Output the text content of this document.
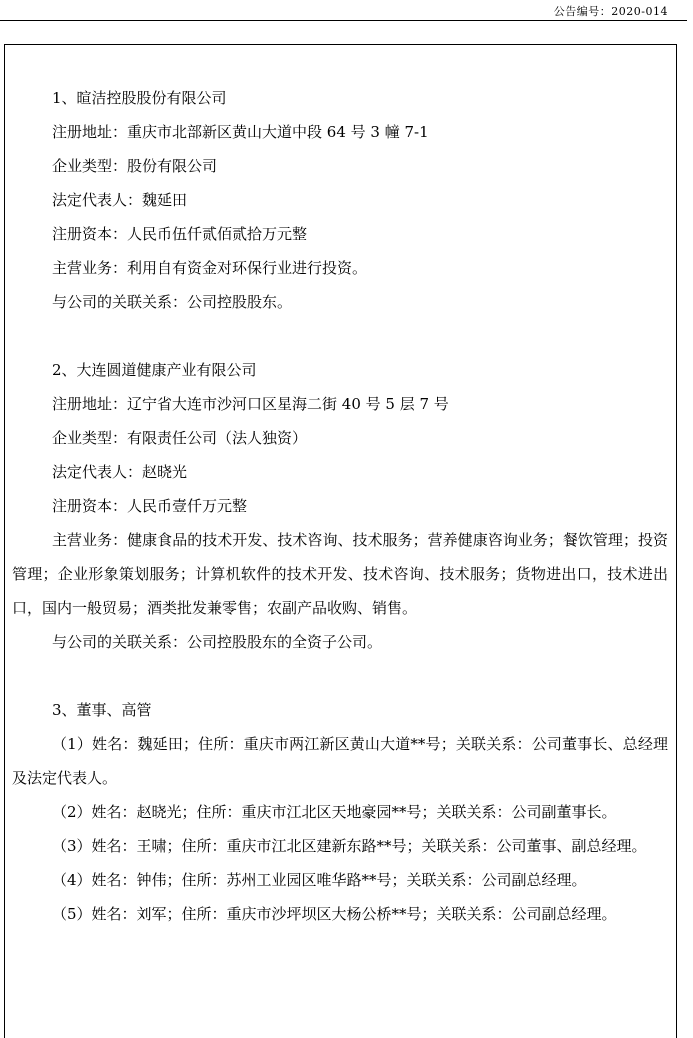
公告编号：2020-014

1、暄洁控股股份有限公司

注册地址：重庆市北部新区黄山大道中段 64 号 3 幢 7-1

企业类型：股份有限公司

法定代表人：魏延田

注册资本：人民币伍仟贰佰贰拾万元整

主营业务：利用自有资金对环保行业进行投资。

与公司的关联关系：公司控股股东。

2、大连圆道健康产业有限公司

注册地址：辽宁省大连市沙河口区星海二街 40 号 5 层 7 号

企业类型：有限责任公司（法人独资）

法定代表人：赵晓光

注册资本：人民币壹仟万元整

主营业务：健康食品的技术开发、技术咨询、技术服务；营养健康咨询业务；餐饮管理；投资管理；企业形象策划服务；计算机软件的技术开发、技术咨询、技术服务；货物进出口，技术进出口，国内一般贸易；酒类批发兼零售；农副产品收购、销售。

与公司的关联关系：公司控股股东的全资子公司。

3、董事、高管

（1）姓名：魏延田；住所：重庆市两江新区黄山大道**号；关联关系：公司董事长、总经理及法定代表人。

（2）姓名：赵晓光；住所：重庆市江北区天地豪园**号；关联关系：公司副董事长。

（3）姓名：王啸；住所：重庆市江北区建新东路**号；关联关系：公司董事、副总经理。

（4）姓名：钟伟；住所：苏州工业园区唯华路**号；关联关系：公司副总经理。

（5）姓名：刘军；住所：重庆市沙坪坝区大杨公桥**号；关联关系：公司副总经理。
